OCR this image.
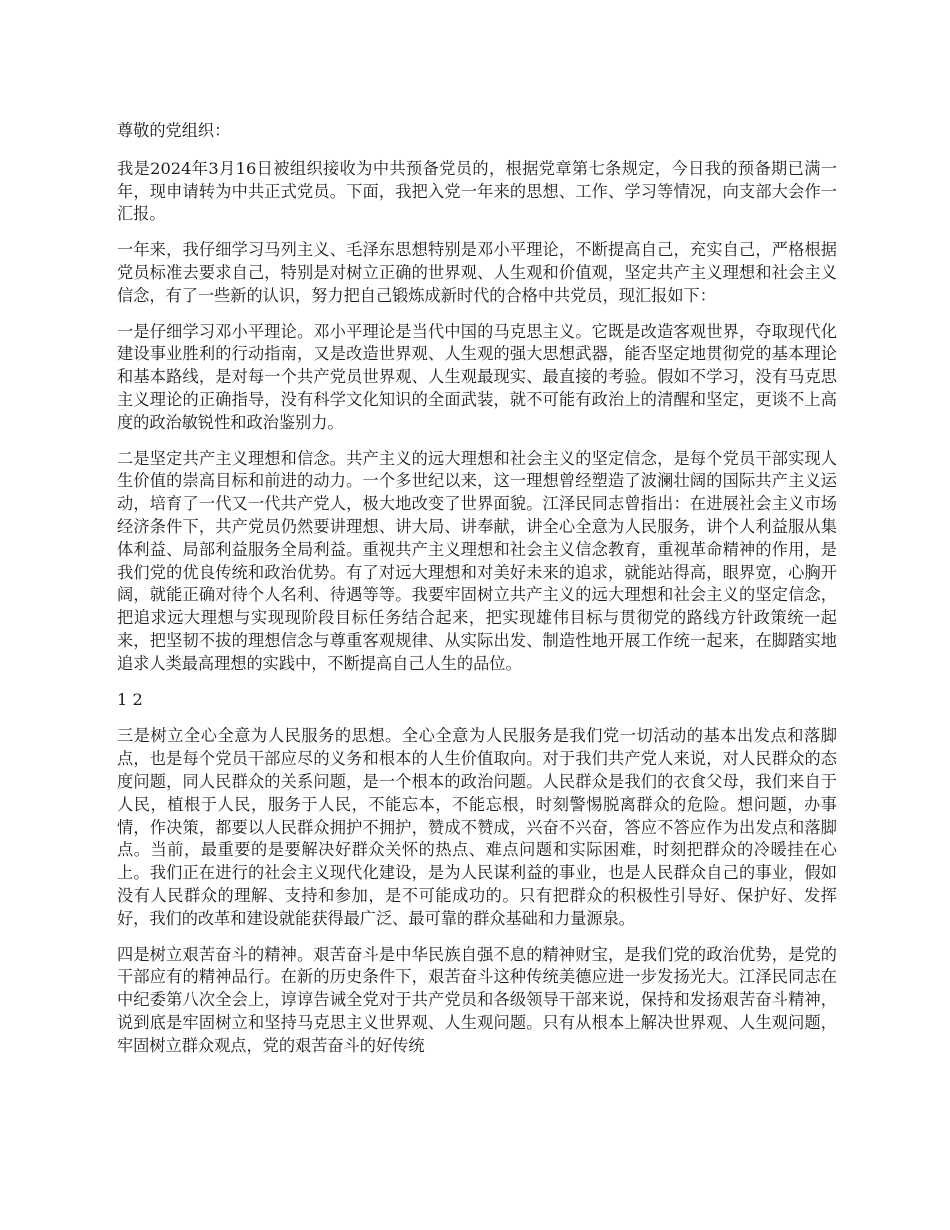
尊敬的党组织：

我是2024年3月16日被组织接收为中共预备党员的，根据党章第七条规定，今日我的预备期已满一年，现申请转为中共正式党员。下面，我把入党一年来的思想、工作、学习等情况，向支部大会作一汇报。

一年来，我仔细学习马列主义、毛泽东思想特别是邓小平理论，不断提高自己，充实自己，严格根据党员标准去要求自己，特别是对树立正确的世界观、人生观和价值观，坚定共产主义理想和社会主义信念，有了一些新的认识，努力把自己锻炼成新时代的合格中共党员，现汇报如下：

一是仔细学习邓小平理论。邓小平理论是当代中国的马克思主义。它既是改造客观世界，夺取现代化建设事业胜利的行动指南，又是改造世界观、人生观的强大思想武器，能否坚定地贯彻党的基本理论和基本路线，是对每一个共产党员世界观、人生观最现实、最直接的考验。假如不学习，没有马克思主义理论的正确指导，没有科学文化知识的全面武装，就不可能有政治上的清醒和坚定，更谈不上高度的政治敏锐性和政治鉴别力。

二是坚定共产主义理想和信念。共产主义的远大理想和社会主义的坚定信念，是每个党员干部实现人生价值的崇高目标和前进的动力。一个多世纪以来，这一理想曾经塑造了波澜壮阔的国际共产主义运动，培育了一代又一代共产党人，极大地改变了世界面貌。江泽民同志曾指出：在进展社会主义市场经济条件下，共产党员仍然要讲理想、讲大局、讲奉献，讲全心全意为人民服务，讲个人利益服从集体利益、局部利益服务全局利益。重视共产主义理想和社会主义信念教育，重视革命精神的作用，是我们党的优良传统和政治优势。有了对远大理想和对美好未来的追求，就能站得高，眼界宽，心胸开阔，就能正确对待个人名利、待遇等等。我要牢固树立共产主义的远大理想和社会主义的坚定信念，把追求远大理想与实现现阶段目标任务结合起来，把实现雄伟目标与贯彻党的路线方针政策统一起来，把坚韧不拔的理想信念与尊重客观规律、从实际出发、制造性地开展工作统一起来，在脚踏实地追求人类最高理想的实践中，不断提高自己人生的品位。

1 2

三是树立全心全意为人民服务的思想。全心全意为人民服务是我们党一切活动的基本出发点和落脚点，也是每个党员干部应尽的义务和根本的人生价值取向。对于我们共产党人来说，对人民群众的态度问题，同人民群众的关系问题，是一个根本的政治问题。人民群众是我们的衣食父母，我们来自于人民，植根于人民，服务于人民，不能忘本，不能忘根，时刻警惕脱离群众的危险。想问题，办事情，作决策，都要以人民群众拥护不拥护，赞成不赞成，兴奋不兴奋，答应不答应作为出发点和落脚点。当前，最重要的是要解决好群众关怀的热点、难点问题和实际困难，时刻把群众的冷暖挂在心上。我们正在进行的社会主义现代化建设，是为人民谋利益的事业，也是人民群众自己的事业，假如没有人民群众的理解、支持和参加，是不可能成功的。只有把群众的积极性引导好、保护好、发挥好，我们的改革和建设就能获得最广泛、最可靠的群众基础和力量源泉。

四是树立艰苦奋斗的精神。艰苦奋斗是中华民族自强不息的精神财宝，是我们党的政治优势，是党的干部应有的精神品行。在新的历史条件下，艰苦奋斗这种传统美德应进一步发扬光大。江泽民同志在中纪委第八次全会上，谆谆告诫全党对于共产党员和各级领导干部来说，保持和发扬艰苦奋斗精神，说到底是牢固树立和坚持马克思主义世界观、人生观问题。只有从根本上解决世界观、人生观问题，牢固树立群众观点，党的艰苦奋斗的好传统
